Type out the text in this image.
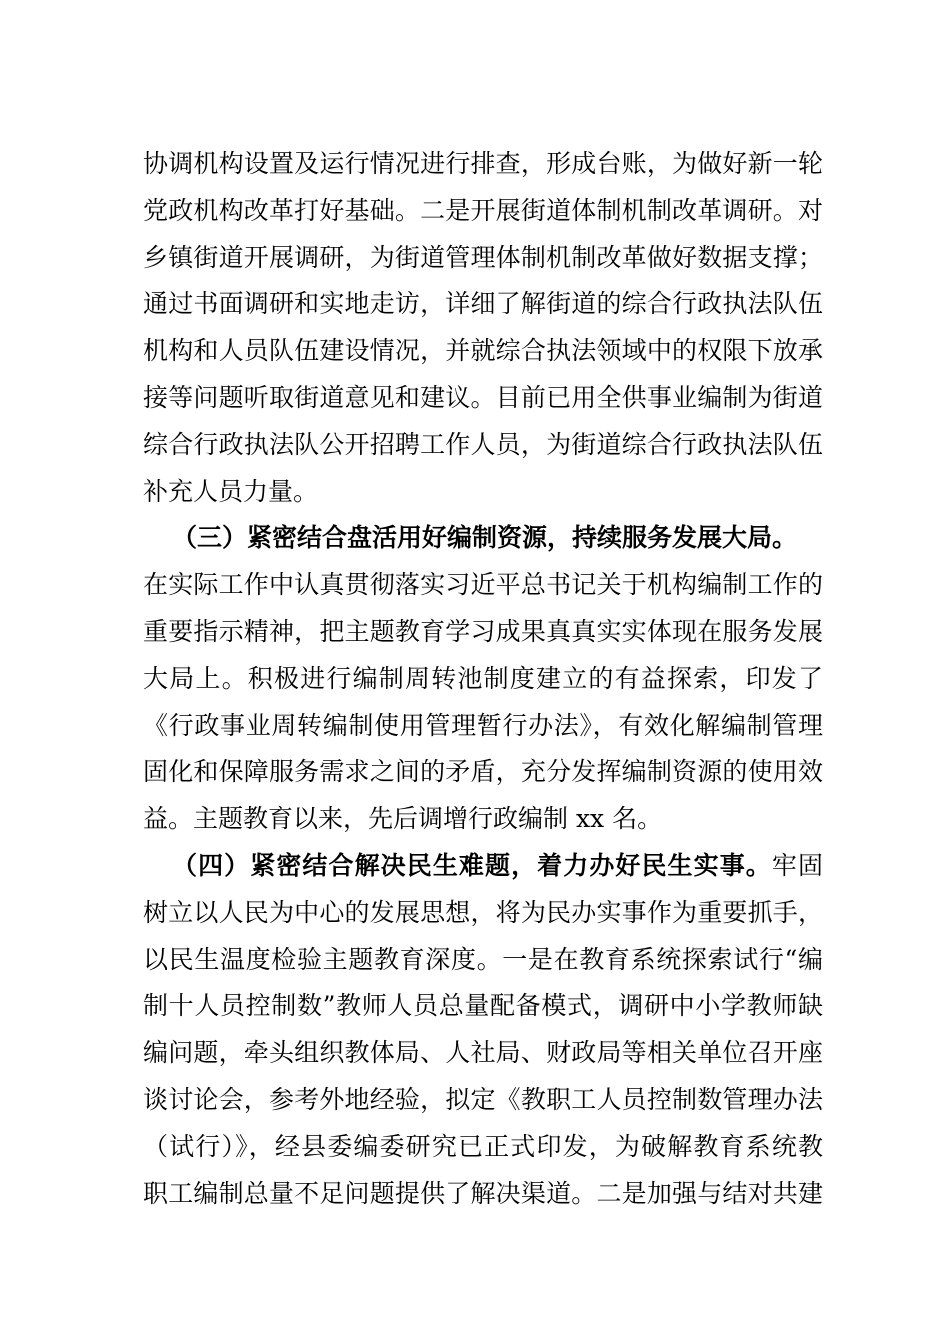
协调机构设置及运行情况进行排查，形成台账，为做好新一轮
党政机构改革打好基础。二是开展街道体制机制改革调研。对
乡镇街道开展调研，为街道管理体制机制改革做好数据支撑；
通过书面调研和实地走访，详细了解街道的综合行政执法队伍
机构和人员队伍建设情况，并就综合执法领域中的权限下放承
接等问题听取街道意见和建议。目前已用全供事业编制为街道
综合行政执法队公开招聘工作人员，为街道综合行政执法队伍
补充人员力量。
（三）紧密结合盘活用好编制资源，持续服务发展大局。
在实际工作中认真贯彻落实习近平总书记关于机构编制工作的
重要指示精神，把主题教育学习成果真真实实体现在服务发展
大局上。积极进行编制周转池制度建立的有益探索，印发了
《行政事业周转编制使用管理暂行办法》，有效化解编制管理
固化和保障服务需求之间的矛盾，充分发挥编制资源的使用效
益。主题教育以来，先后调增行政编制 xx 名。
（四）紧密结合解决民生难题，着力办好民生实事。牢固
树立以人民为中心的发展思想，将为民办实事作为重要抓手，
以民生温度检验主题教育深度。一是在教育系统探索试行“编
制十人员控制数”教师人员总量配备模式，调研中小学教师缺
编问题，牵头组织教体局、人社局、财政局等相关单位召开座
谈讨论会，参考外地经验，拟定《教职工人员控制数管理办法
（试行）》，经县委编委研究已正式印发，为破解教育系统教
职工编制总量不足问题提供了解决渠道。二是加强与结对共建
